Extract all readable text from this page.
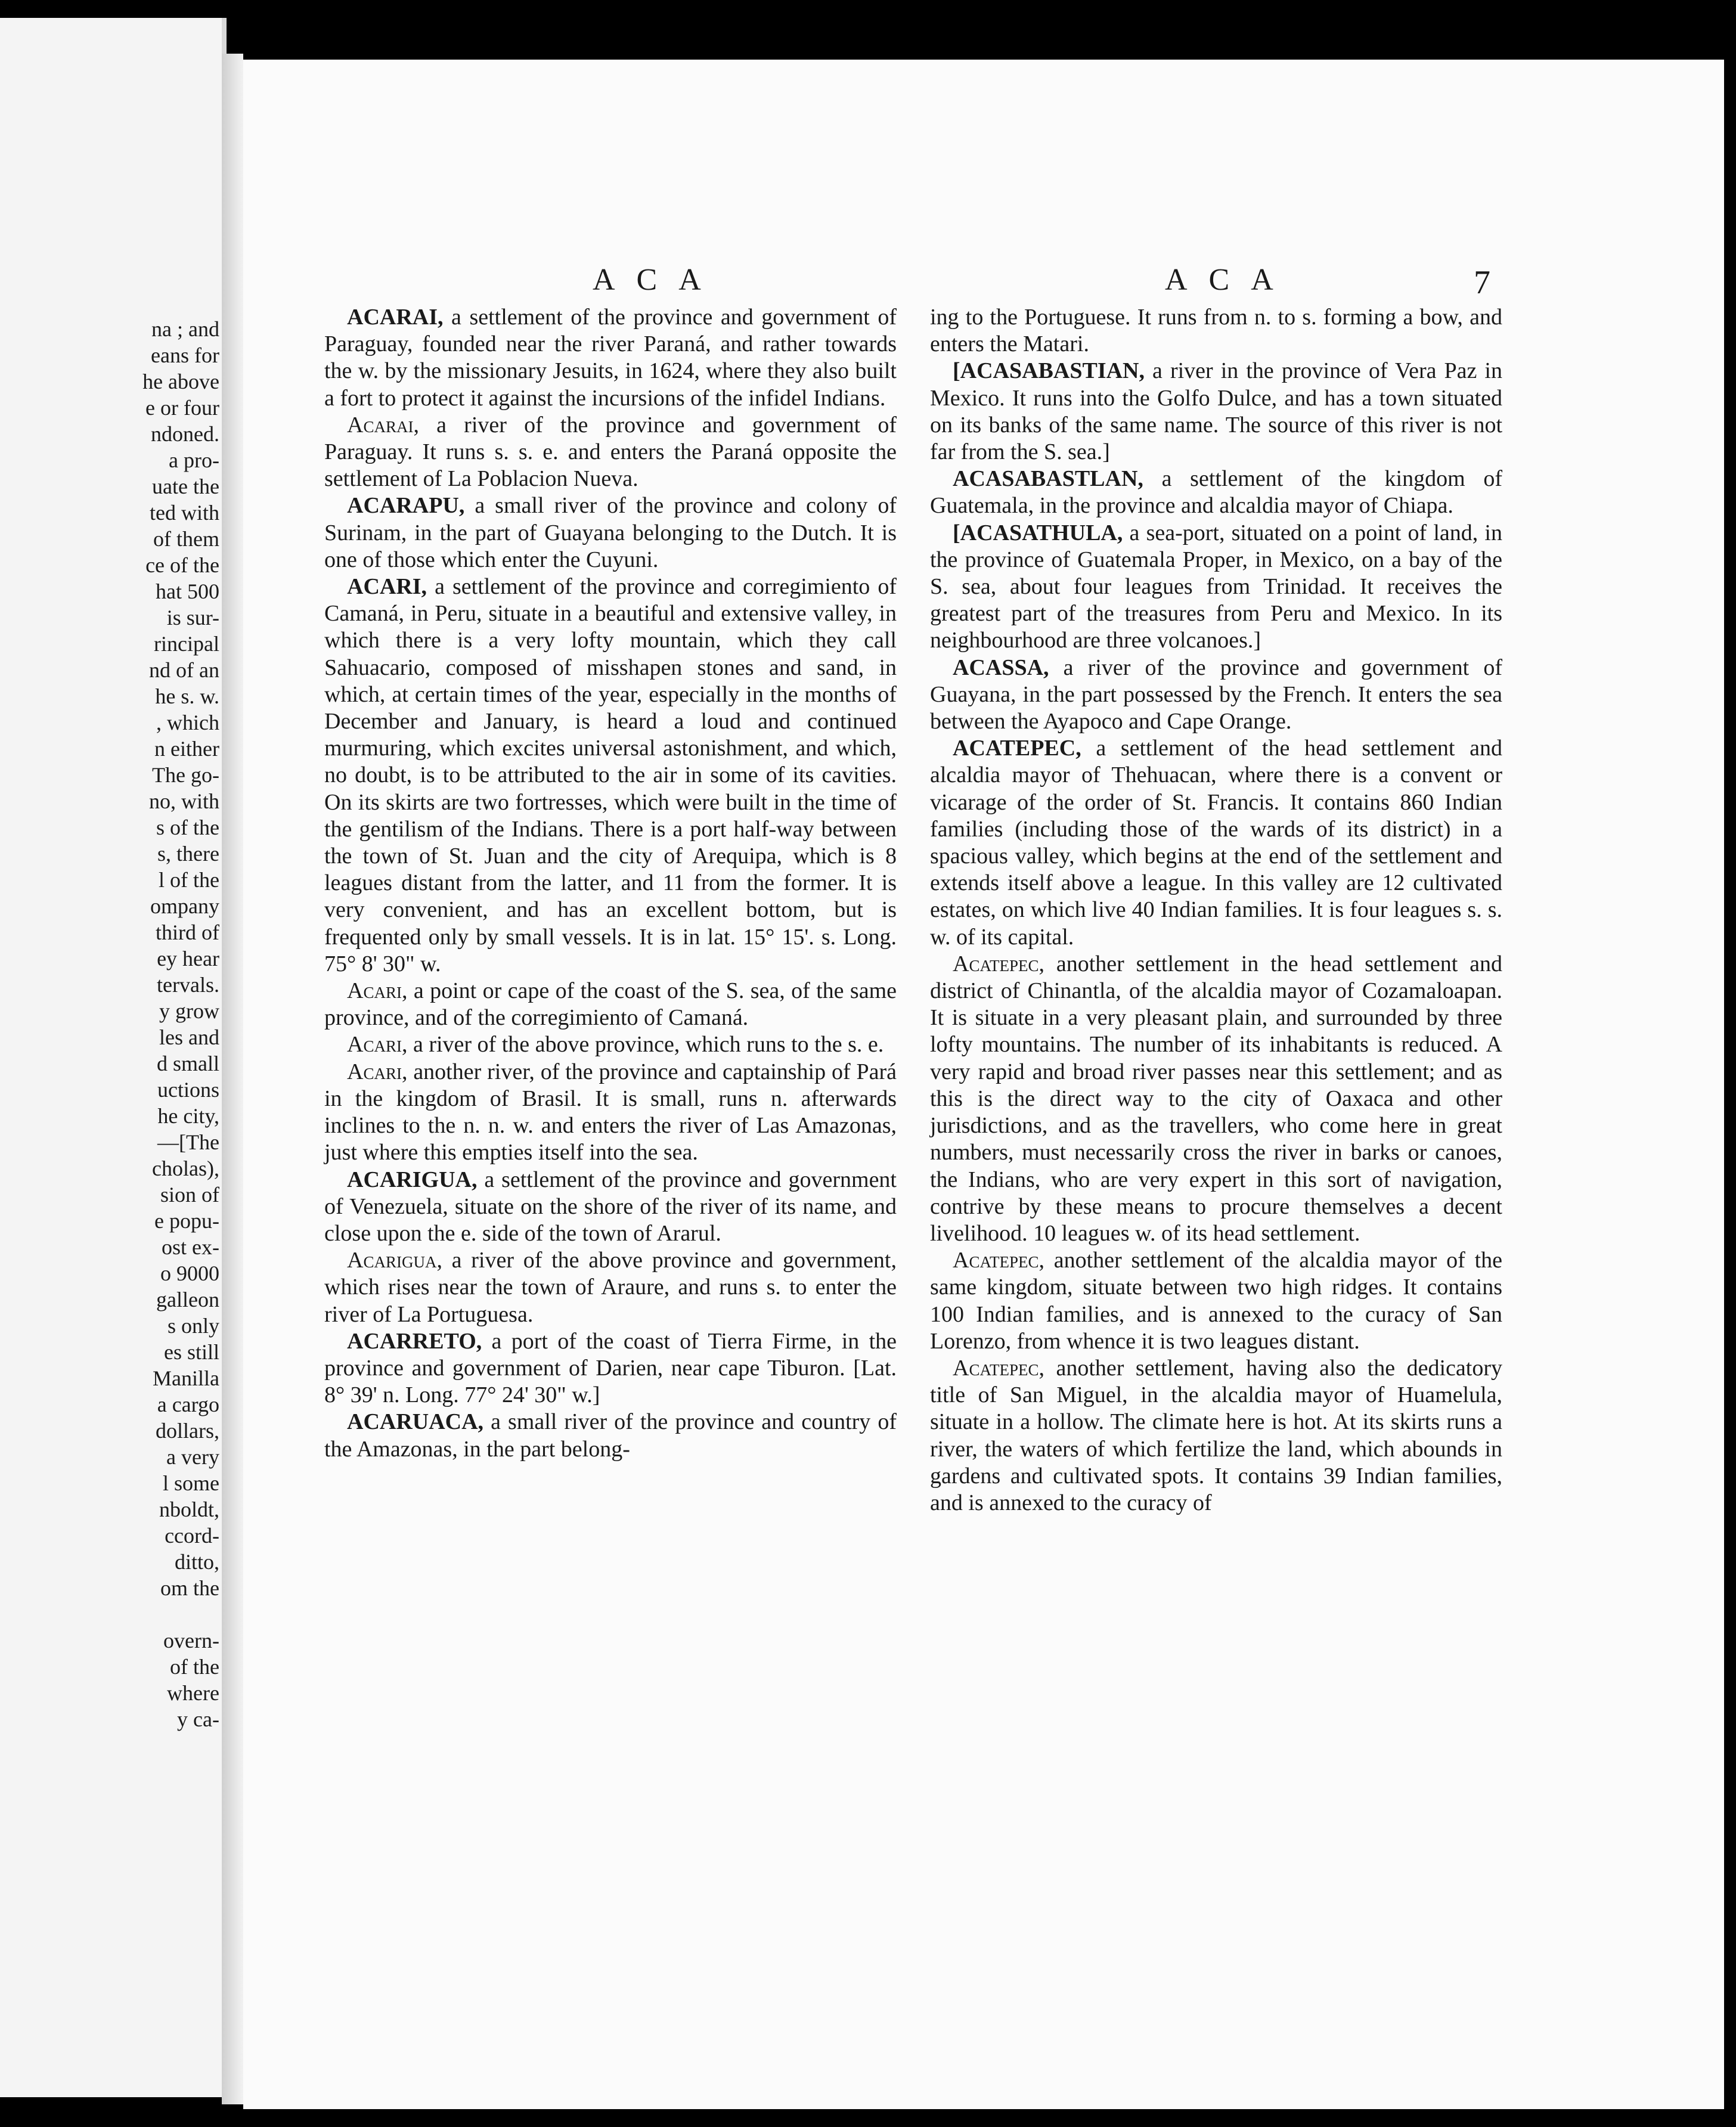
na ; and
eans for
he above
e or four
ndoned.
a pro-
uate the
ted with
of them
ce of the
hat 500
is sur-
rincipal
nd of an
he s. w.
, which
n either
The go-
no, with
s of the
s, there
l of the
ompany
third of
ey hear
tervals.
y grow
les and
d small
uctions
he city,
—[The
cholas),
sion of
e popu-
ost ex-
o 9000
galleon
s only
es still
Manilla
a cargo
dollars,
a very
l some
nboldt,
ccord-
ditto,
om the
overn-
of the
where
y ca-
ACA	ACA	7

ACARAI, a settlement of the province and government of Paraguay, founded near the river Paraná, and rather towards the w. by the missionary Jesuits, in 1624, where they also built a fort to protect it against the incursions of the infidel Indians.

Acarai, a river of the province and government of Paraguay. It runs s. s. e. and enters the Paraná opposite the settlement of La Poblacion Nueva.

ACARAPU, a small river of the province and colony of Surinam, in the part of Guayana belonging to the Dutch. It is one of those which enter the Cuyuni.

ACARI, a settlement of the province and corregimiento of Camaná, in Peru, situate in a beautiful and extensive valley, in which there is a very lofty mountain, which they call Sahuacario, composed of misshapen stones and sand, in which, at certain times of the year, especially in the months of December and January, is heard a loud and continued murmuring, which excites universal astonishment, and which, no doubt, is to be attributed to the air in some of its cavities. On its skirts are two fortresses, which were built in the time of the gentilism of the Indians. There is a port half-way between the town of St. Juan and the city of Arequipa, which is 8 leagues distant from the latter, and 11 from the former. It is very convenient, and has an excellent bottom, but is frequented only by small vessels. It is in lat. 15° 15'. s. Long. 75° 8' 30" w.

Acari, a point or cape of the coast of the S. sea, of the same province, and of the corregimiento of Camaná.

Acari, a river of the above province, which runs to the s. e.

Acari, another river, of the province and captainship of Pará in the kingdom of Brasil. It is small, runs n. afterwards inclines to the n. n. w. and enters the river of Las Amazonas, just where this empties itself into the sea.

ACARIGUA, a settlement of the province and government of Venezuela, situate on the shore of the river of its name, and close upon the e. side of the town of Ararul.

Acarigua, a river of the above province and government, which rises near the town of Araure, and runs s. to enter the river of La Portuguesa.

ACARRETO, a port of the coast of Tierra Firme, in the province and government of Darien, near cape Tiburon. [Lat. 8° 39' n. Long. 77° 24' 30" w.]

ACARUACA, a small river of the province and country of the Amazonas, in the part belong-

ing to the Portuguese. It runs from n. to s. forming a bow, and enters the Matari.

[ACASABASTIAN, a river in the province of Vera Paz in Mexico. It runs into the Golfo Dulce, and has a town situated on its banks of the same name. The source of this river is not far from the S. sea.]

ACASABASTLAN, a settlement of the kingdom of Guatemala, in the province and alcaldia mayor of Chiapa.

[ACASATHULA, a sea-port, situated on a point of land, in the province of Guatemala Proper, in Mexico, on a bay of the S. sea, about four leagues from Trinidad. It receives the greatest part of the treasures from Peru and Mexico. In its neighbourhood are three volcanoes.]

ACASSA, a river of the province and government of Guayana, in the part possessed by the French. It enters the sea between the Ayapoco and Cape Orange.

ACATEPEC, a settlement of the head settlement and alcaldia mayor of Thehuacan, where there is a convent or vicarage of the order of St. Francis. It contains 860 Indian families (including those of the wards of its district) in a spacious valley, which begins at the end of the settlement and extends itself above a league. In this valley are 12 cultivated estates, on which live 40 Indian families. It is four leagues s. s. w. of its capital.

Acatepec, another settlement in the head settlement and district of Chinantla, of the alcaldia mayor of Cozamaloapan. It is situate in a very pleasant plain, and surrounded by three lofty mountains. The number of its inhabitants is reduced. A very rapid and broad river passes near this settlement; and as this is the direct way to the city of Oaxaca and other jurisdictions, and as the travellers, who come here in great numbers, must necessarily cross the river in barks or canoes, the Indians, who are very expert in this sort of navigation, contrive by these means to procure themselves a decent livelihood. 10 leagues w. of its head settlement.

Acatepec, another settlement of the alcaldia mayor of the same kingdom, situate between two high ridges. It contains 100 Indian families, and is annexed to the curacy of San Lorenzo, from whence it is two leagues distant.

Acatepec, another settlement, having also the dedicatory title of San Miguel, in the alcaldia mayor of Huamelula, situate in a hollow. The climate here is hot. At its skirts runs a river, the waters of which fertilize the land, which abounds in gardens and cultivated spots. It contains 39 Indian families, and is annexed to the curacy of
